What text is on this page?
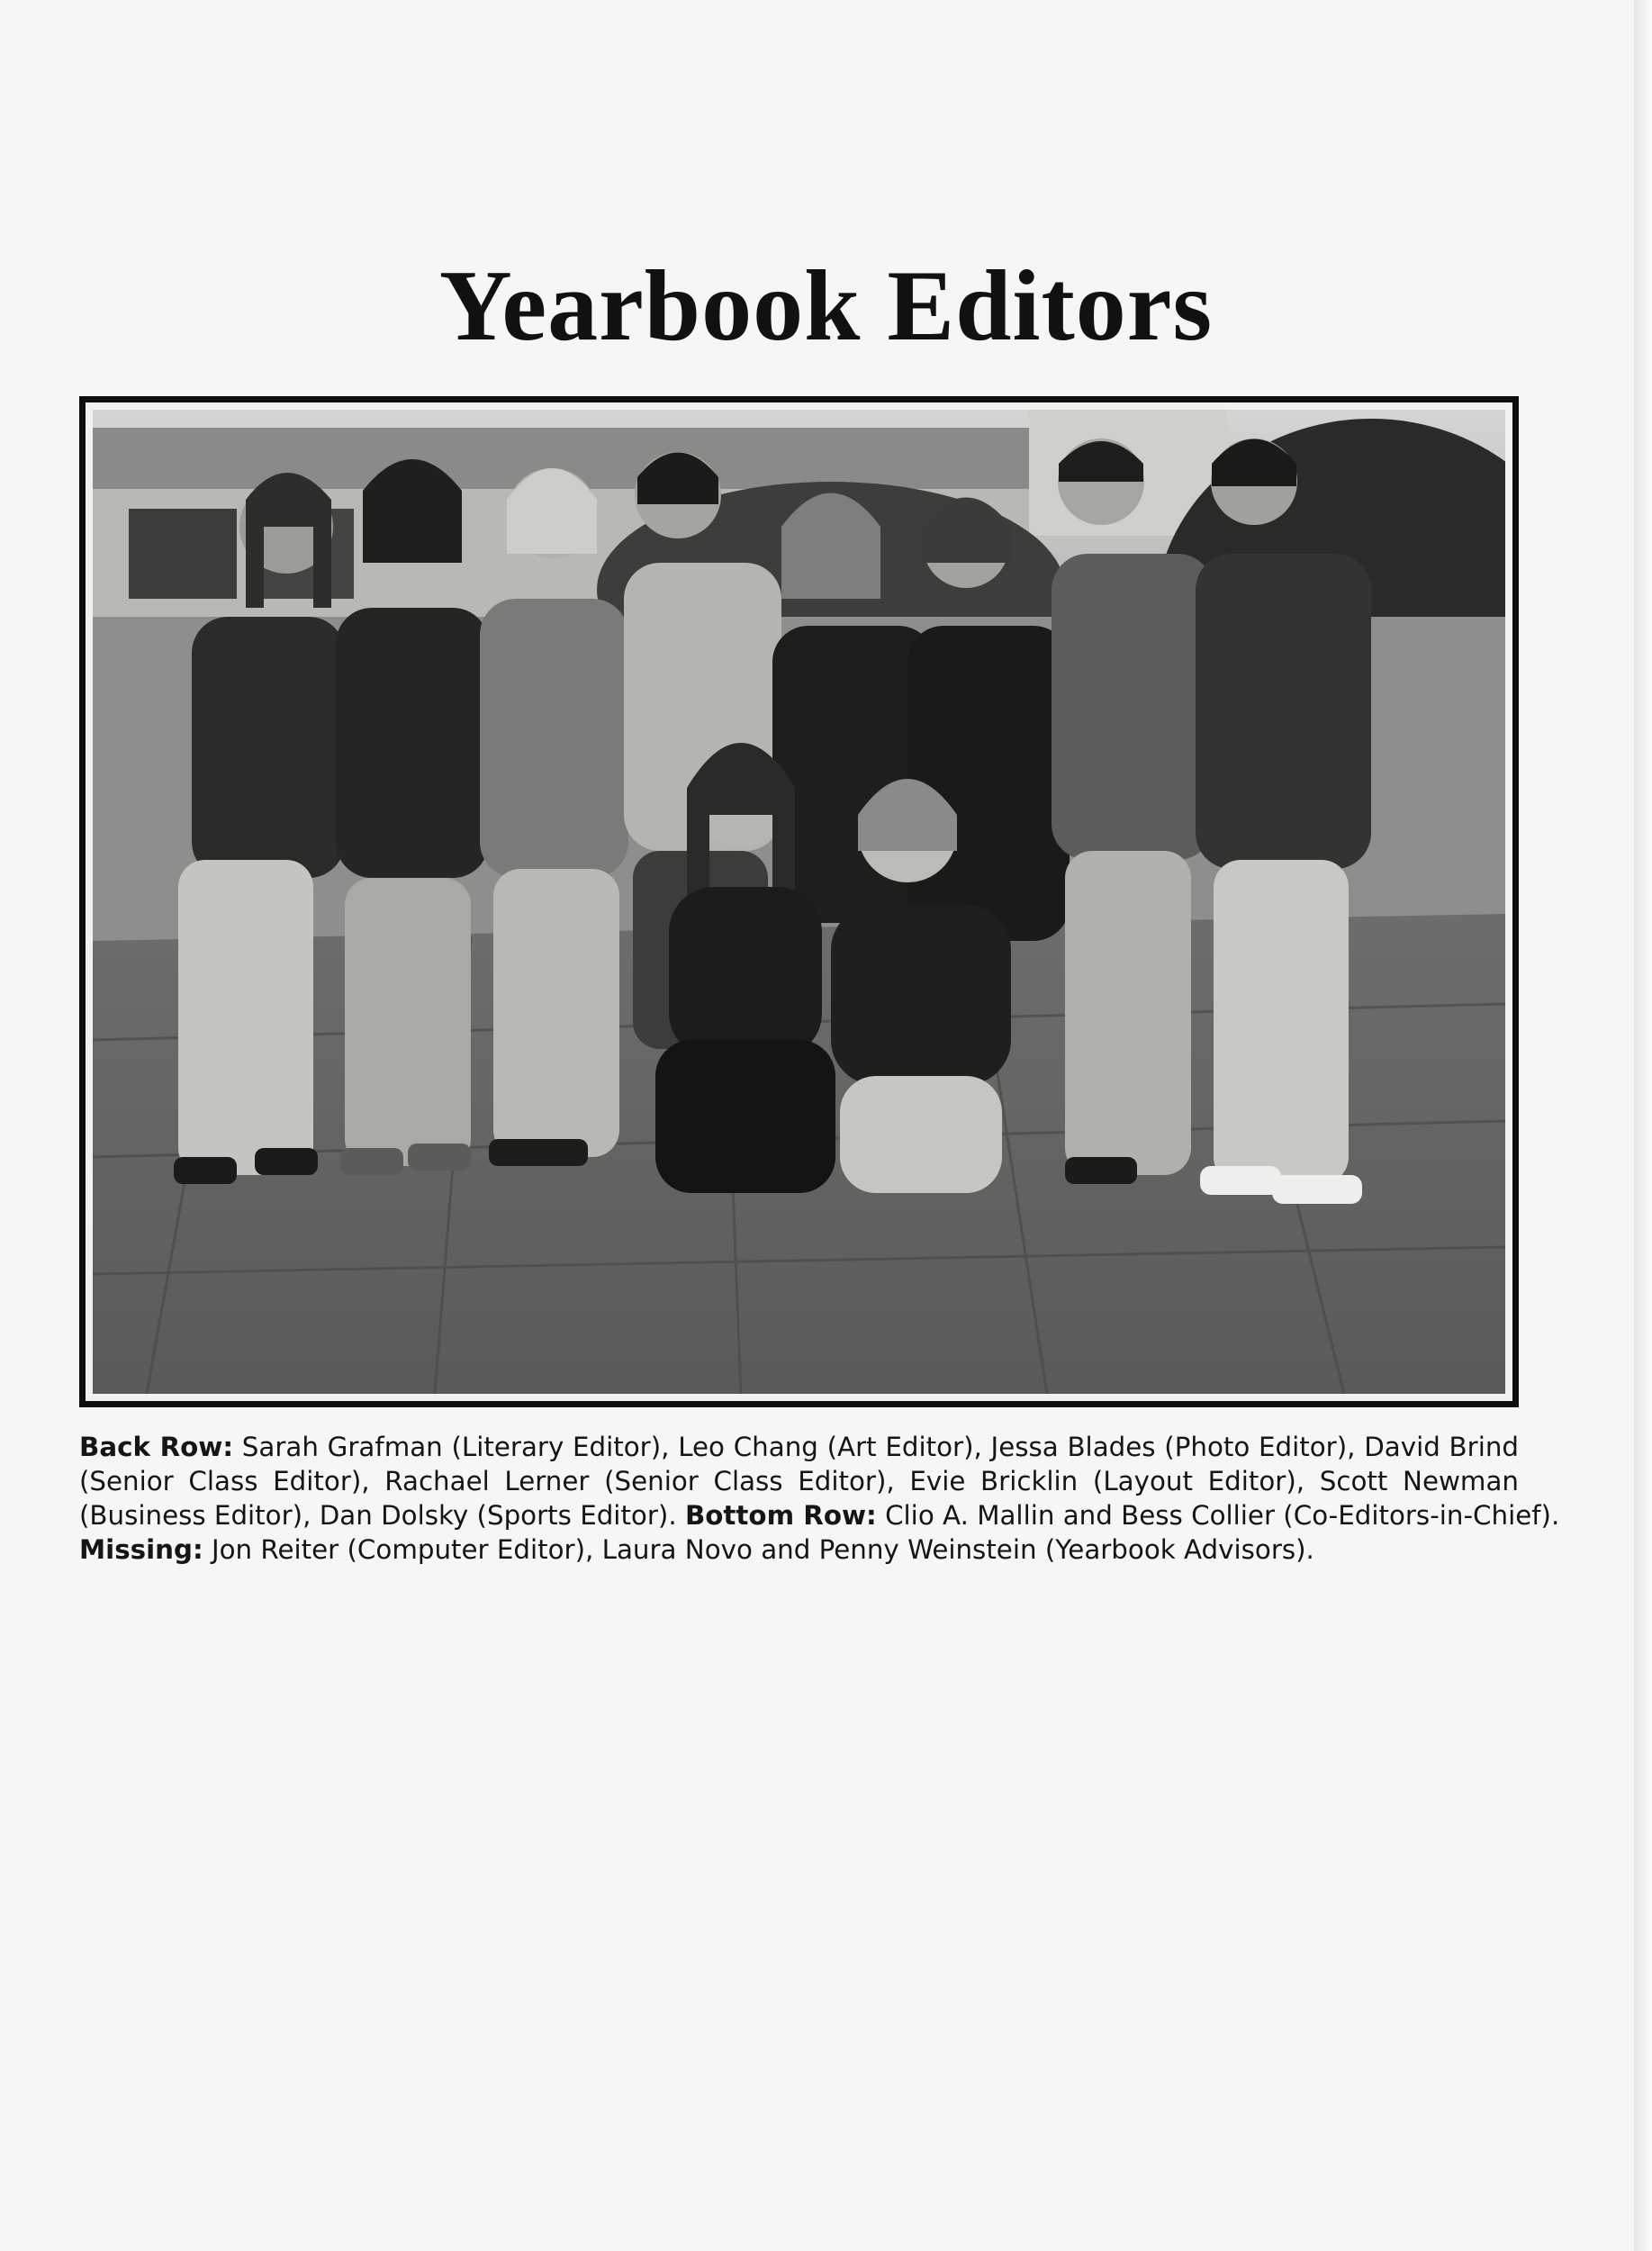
Yearbook Editors
Back Row: Sarah Grafman (Literary Editor), Leo Chang (Art Editor), Jessa Blades (Photo Editor), David Brind
(Senior Class Editor), Rachael Lerner (Senior Class Editor), Evie Bricklin (Layout Editor), Scott Newman
(Business Editor), Dan Dolsky (Sports Editor). Bottom Row: Clio A. Mallin and Bess Collier (Co-Editors-in-Chief).
Missing: Jon Reiter (Computer Editor), Laura Novo and Penny Weinstein (Yearbook Advisors).
